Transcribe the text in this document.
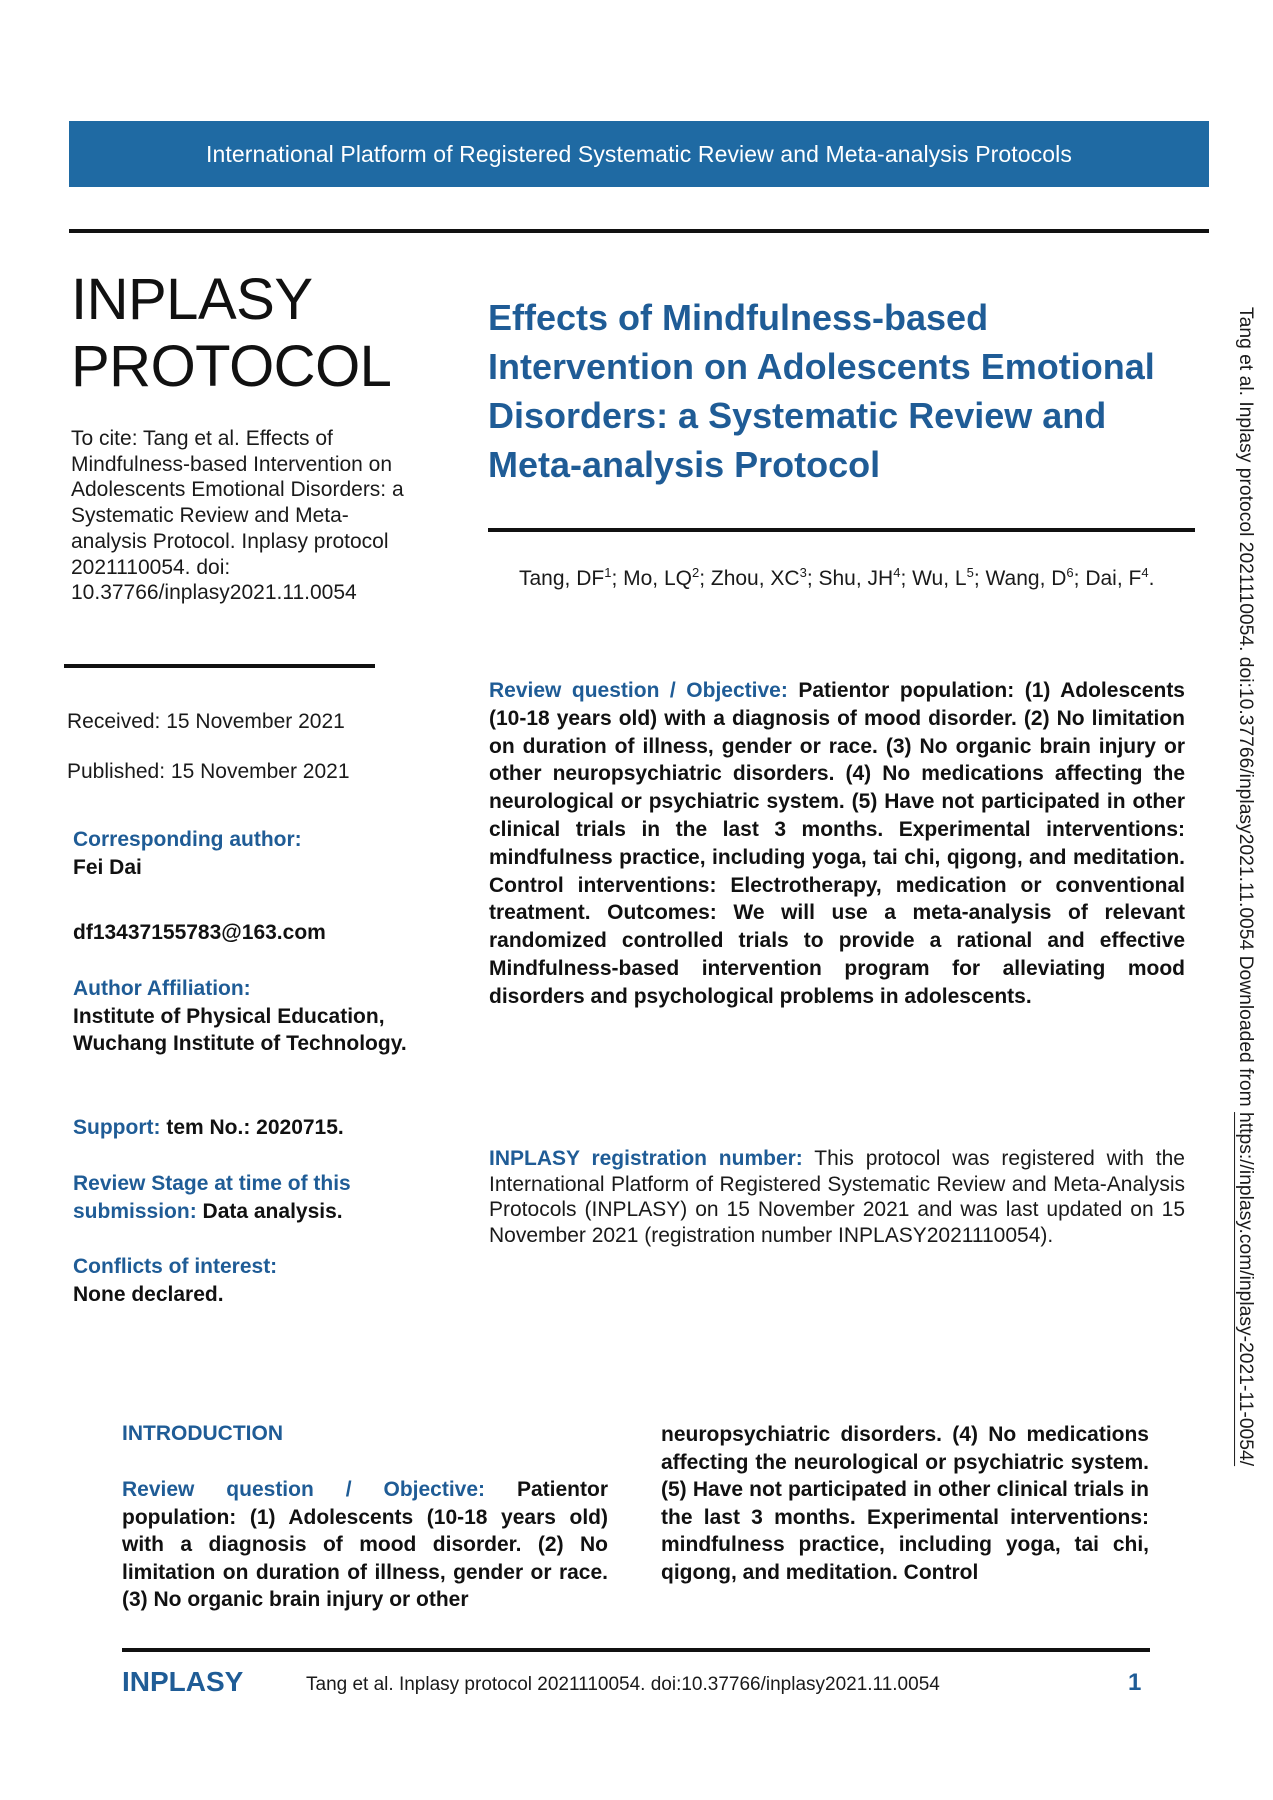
International Platform of Registered Systematic Review and Meta-analysis Protocols
INPLASY
PROTOCOL
To cite: Tang et al. Effects of Mindfulness-based Intervention on Adolescents Emotional Disorders: a Systematic Review and Meta-analysis Protocol. Inplasy protocol 2021110054. doi: 10.37766/inplasy2021.11.0054
Received: 15 November 2021
Published: 15 November 2021
Corresponding author:
Fei Dai
df13437155783@163.com
Author Affiliation:
Institute of Physical Education, Wuchang Institute of Technology.
Support: tem No.: 2020715.
Review Stage at time of this submission: Data analysis.
Conflicts of interest:
None declared.
Effects of Mindfulness-based Intervention on Adolescents Emotional Disorders: a Systematic Review and Meta-analysis Protocol
Tang, $DF^1$; Mo, $LQ^2$; Zhou, $XC^3$; Shu, $JH^4$; Wu, $L^5$; Wang, $D^6$; Dai, $F^4$.
Review question / Objective: Patientor population: (1) Adolescents (10-18 years old) with a diagnosis of mood disorder. (2) No limitation on duration of illness, gender or race. (3) No organic brain injury or other neuropsychiatric disorders. (4) No medications affecting the neurological or psychiatric system. (5) Have not participated in other clinical trials in the last 3 months. Experimental interventions: mindfulness practice, including yoga, tai chi, qigong, and meditation. Control interventions: Electrotherapy, medication or conventional treatment. Outcomes: We will use a meta-analysis of relevant randomized controlled trials to provide a rational and effective Mindfulness-based intervention program for alleviating mood disorders and psychological problems in adolescents.
INPLASY registration number: This protocol was registered with the International Platform of Registered Systematic Review and Meta-Analysis Protocols (INPLASY) on 15 November 2021 and was last updated on 15 November 2021 (registration number INPLASY2021110054).
INTRODUCTION
Review question / Objective: Patientor population: (1) Adolescents (10-18 years old) with a diagnosis of mood disorder. (2) No limitation on duration of illness, gender or race. (3) No organic brain injury or other
neuropsychiatric disorders. (4) No medications affecting the neurological or psychiatric system. (5) Have not participated in other clinical trials in the last 3 months. Experimental interventions: mindfulness practice, including yoga, tai chi, qigong, and meditation. Control
INPLASY	Tang et al. Inplasy protocol 2021110054. doi:10.37766/inplasy2021.11.0054	1
Tang et al. Inplasy protocol 2021110054. doi:10.37766/inplasy2021.11.0054 Downloaded from https://inplasy.com/inplasy-2021-11-0054/
